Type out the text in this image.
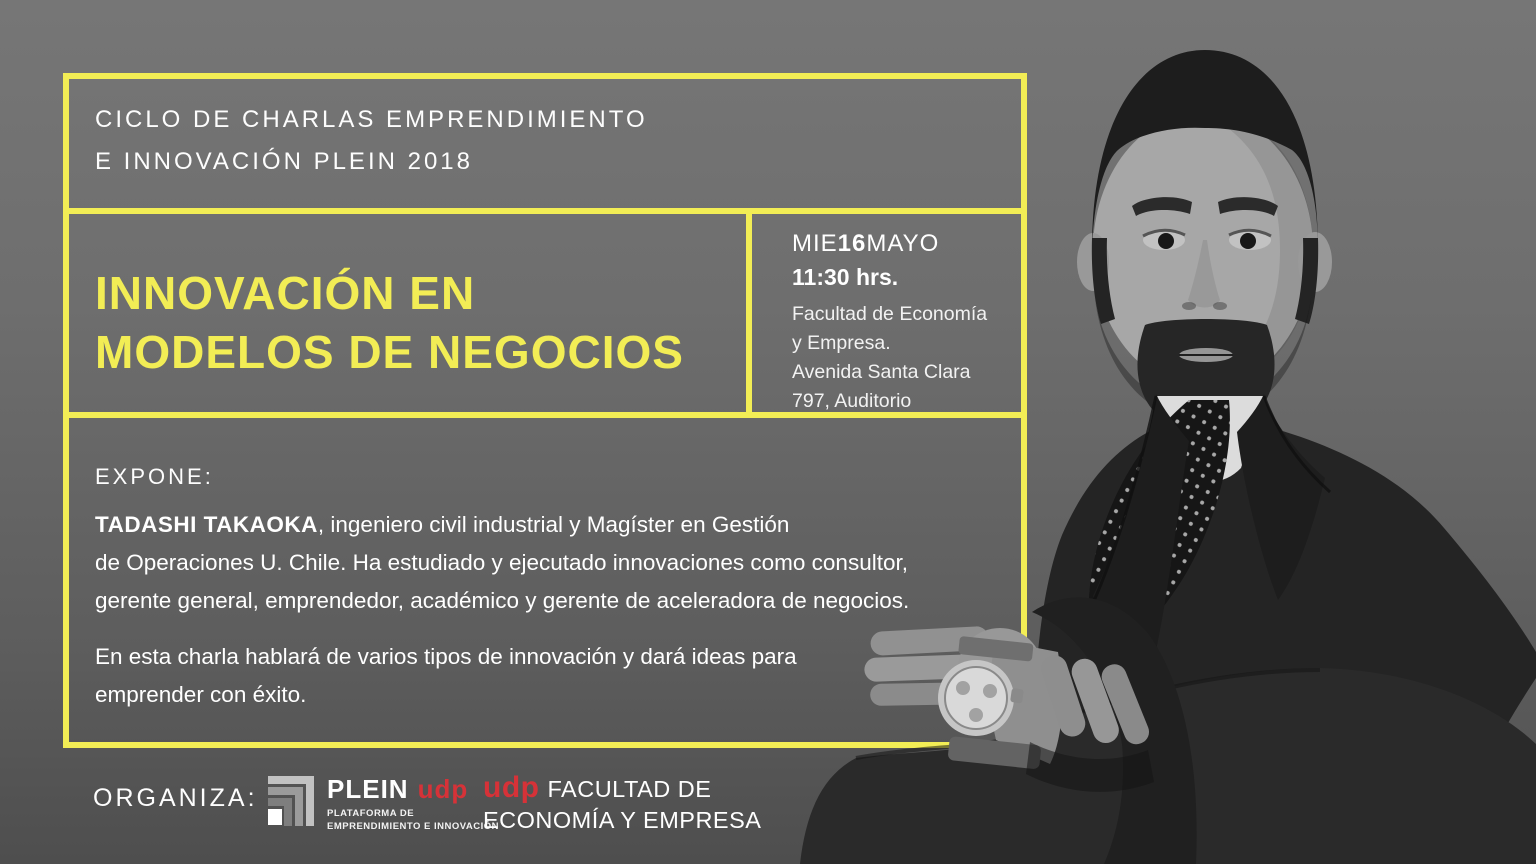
CICLO DE CHARLAS EMPRENDIMIENTO
E INNOVACIÓN PLEIN 2018
INNOVACIÓN EN
MODELOS DE NEGOCIOS
MIE16MAYO
11:30 hrs.
Facultad de Economía
y Empresa.
Avenida Santa Clara
797, Auditorio
EXPONE:
TADASHI TAKAOKA, ingeniero civil industrial y Magíster en Gestión
de Operaciones U. Chile. Ha estudiado y ejecutado innovaciones como consultor,
gerente general, emprendedor, académico y gerente de aceleradora de negocios.
En esta charla hablará de varios tipos de innovación y dará ideas para
emprender con éxito.
ORGANIZA:	PLEIN udp
PLATAFORMA DE
EMPRENDIMIENTO E INNOVACIÓN
udp FACULTAD DE
ECONOMÍA Y EMPRESA
